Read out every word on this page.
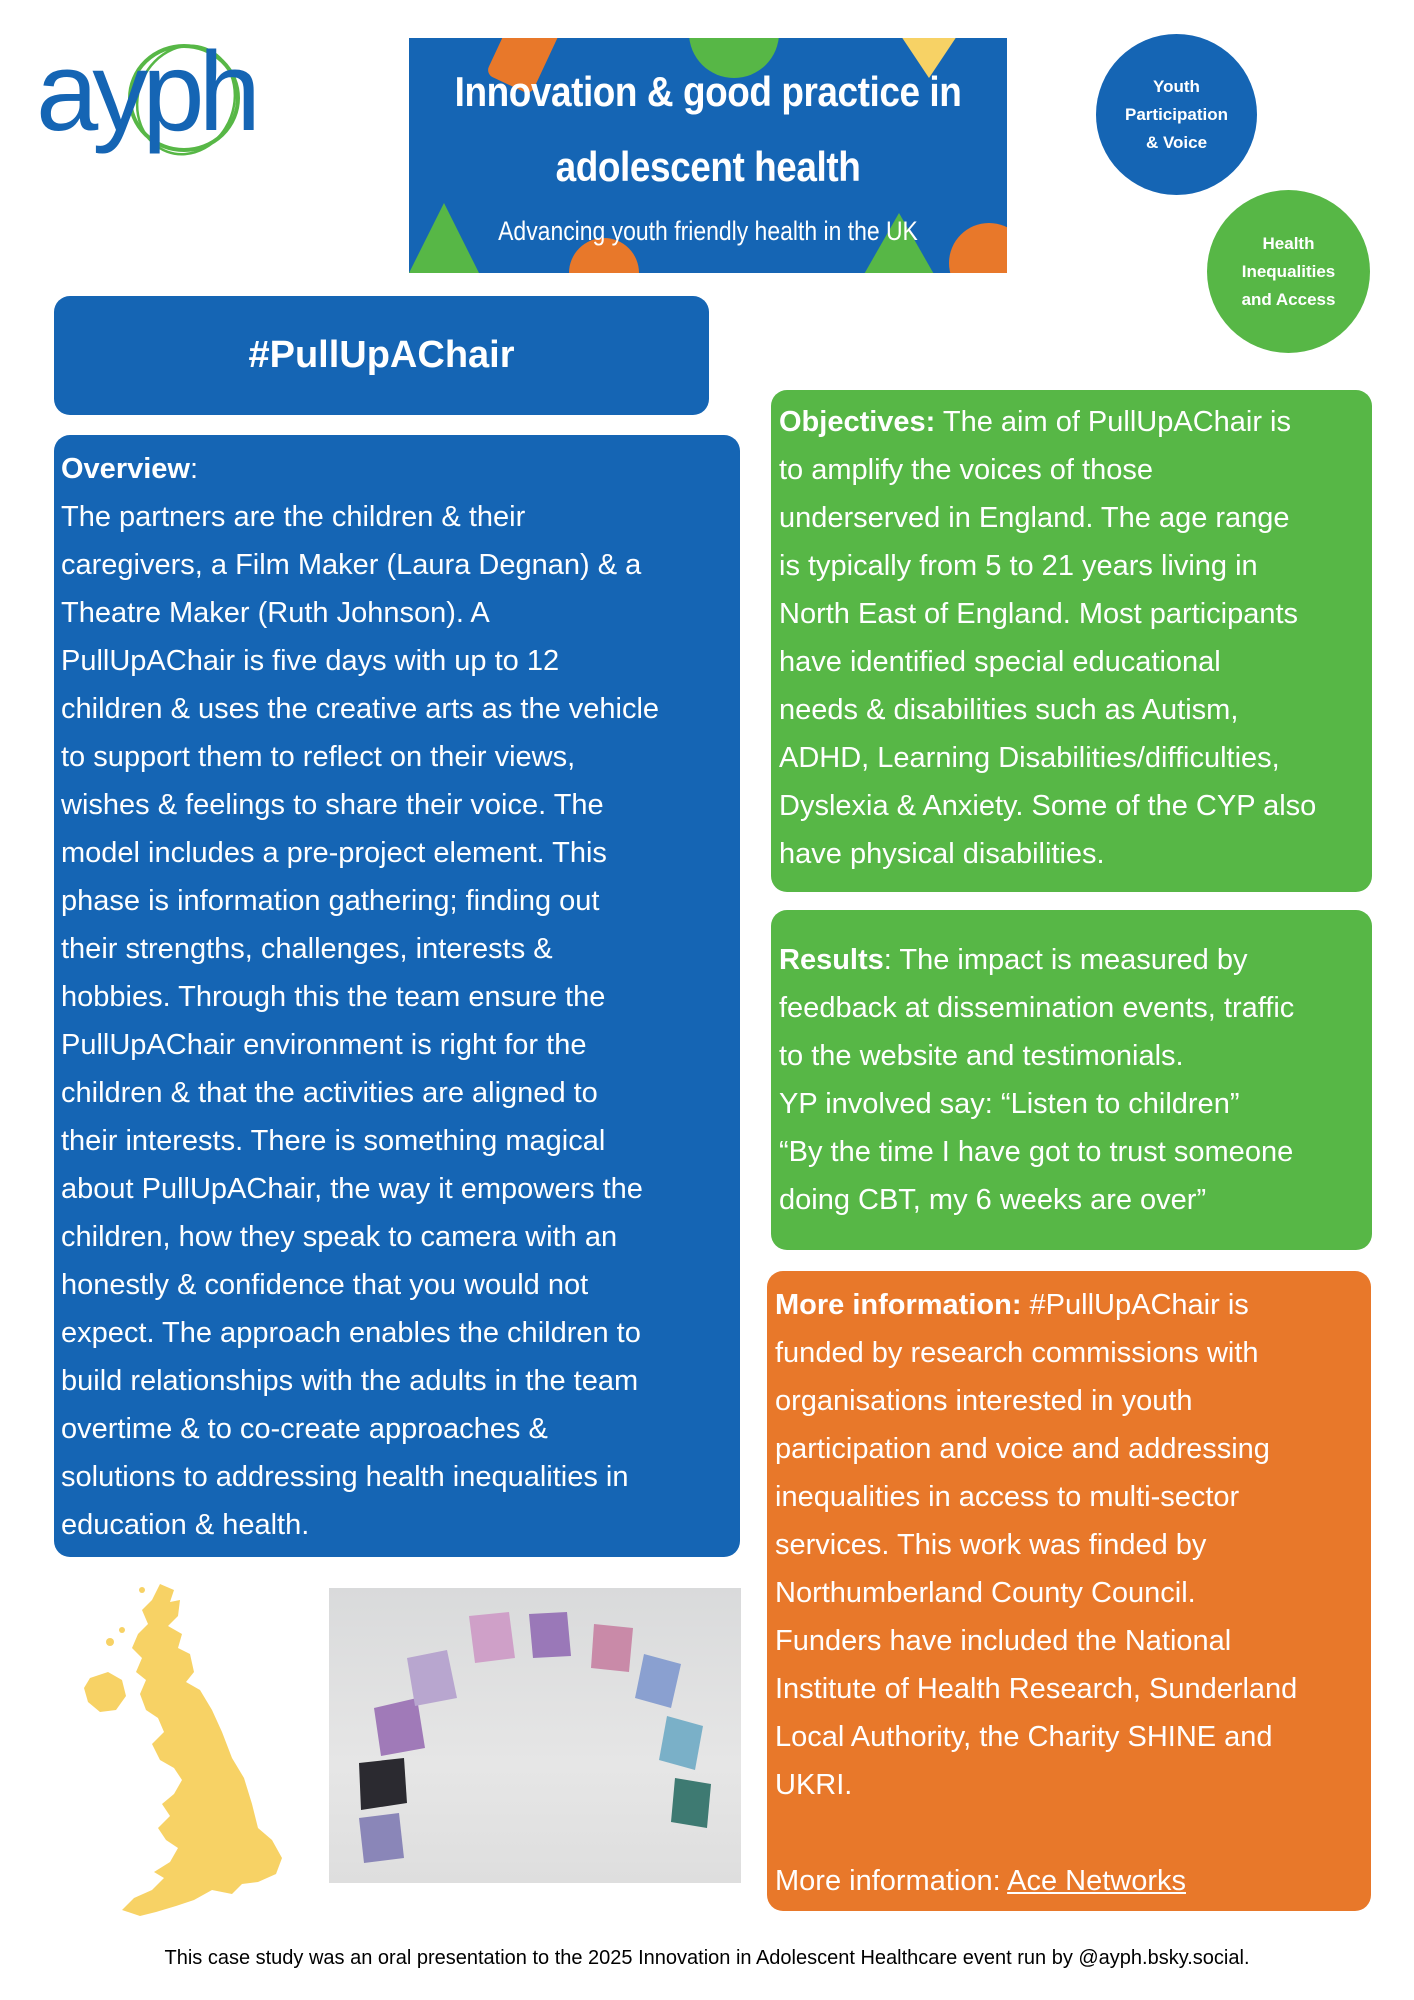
ayph	Innovation & good practice in
adolescent health
Advancing youth friendly health in the UK
Youth
Participation
& Voice
Health
Inequalities
and Access
#PullUpAChair
Overview:
The partners are the children & their
caregivers, a Film Maker (Laura Degnan) & a
Theatre Maker (Ruth Johnson). A
PullUpAChair is five days with up to 12
children & uses the creative arts as the vehicle
to support them to reflect on their views,
wishes & feelings to share their voice. The
model includes a pre-project element. This
phase is information gathering; finding out
their strengths, challenges, interests &
hobbies. Through this the team ensure the
PullUpAChair environment is right for the
children & that the activities are aligned to
their interests. There is something magical
about PullUpAChair, the way it empowers the
children, how they speak to camera with an
honestly & confidence that you would not
expect. The approach enables the children to
build relationships with the adults in the team
overtime & to co-create approaches &
solutions to addressing health inequalities in
education & health.
Objectives: The aim of PullUpAChair is
to amplify the voices of those
underserved in England. The age range
is typically from 5 to 21 years living in
North East of England. Most participants
have identified special educational
needs & disabilities such as Autism,
ADHD, Learning Disabilities/difficulties,
Dyslexia & Anxiety. Some of the CYP also
have physical disabilities.
Results: The impact is measured by
feedback at dissemination events, traffic
to the website and testimonials.
YP involved say: “Listen to children”
“By the time I have got to trust someone
doing CBT, my 6 weeks are over”
More information: #PullUpAChair is
funded by research commissions with
organisations interested in youth
participation and voice and addressing
inequalities in access to multi-sector
services. This work was finded by
Northumberland County Council.
Funders have included the National
Institute of Health Research, Sunderland
Local Authority, the Charity SHINE and
UKRI.
More information: Ace Networks
This case study was an oral presentation to the 2025 Innovation in Adolescent Healthcare event run by @ayph.bsky.social.
